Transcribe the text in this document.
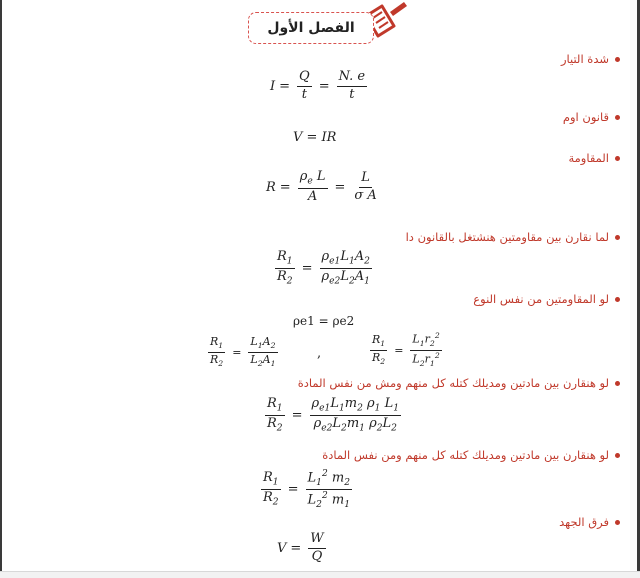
الفصل الأول
شدة التيار
$I = \frac{Q}{t} = \frac{N. e}{t}$
قانون اوم
V = IR
المقاومة
$R = \frac{\rho_e L}{A} = \frac{L}{\text{σ A}}$
لما نقارن بين مقاومتين هنشتغل بالقانون دا
$\frac{R_1}{R_2} = \frac{\rho_{e1}L_1A_2}{\rho_{e2}L_2A_1}$
لو المقاومتين من نفس النوع
ρe1 = ρe2
$\frac{R_1}{R_2} = \frac{L_1A_2}{L_2A_1}$	,	$\frac{R_1}{R_2} = \frac{L_1r_2^2}{L_2r_1^2}$
لو هنقارن بين مادتين ومديلك كتله كل منهم ومش من نفس المادة
$\frac{R_1}{R_2} = \frac{\rho_{e1}L_1m_2 \rho_1 L_1}{\rho_{e2}L_2m_1 \rho_2L_2}$
لو هنقارن بين مادتين ومديلك كتله كل منهم ومن نفس المادة
$\frac{R_1}{R_2} = \frac{L_1^2 m_2}{L_2^2 m_1}$
فرق الجهد
$V = \frac{W}{Q}$
